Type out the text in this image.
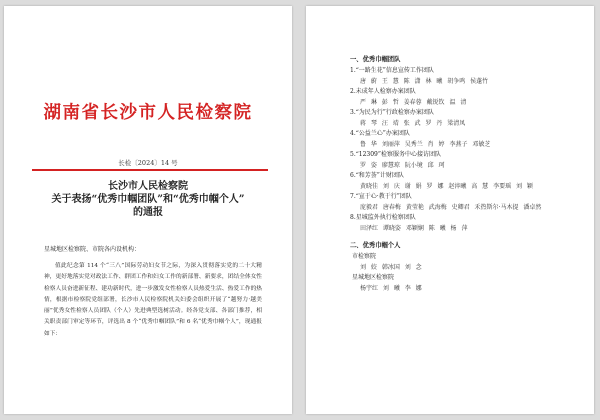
湖南省长沙市人民检察院
长检〔2024〕14 号
长沙市人民检察院
关于表扬“优秀巾帼团队”和“优秀巾帼个人”
的通报
星城地区检察院、市院各内设机构：

值此纪念第 114 个“三八”国际劳动妇女节之际，为深入贯彻落实党的二十大精神，更好地落实党对政法工作、群团工作和妇女工作的新部署、新要求，团结全体女性检察人员奋进新征程、建功新时代，进一步激发女性检察人员热爱生活、热爱工作的热情，根据市检察院党组部署，长沙市人民检察院机关妇委会组织开展了“越努力·越美丽”优秀女性检察人员团队（个人）先进典型选树活动。经各党支部、各部门推荐，相关职责部门审定等环节，评选出 8 个“优秀巾帼团队”和 6 名“优秀巾帼个人”，现通报如下：

一、优秀巾帼团队
1.“一路生花”信息宣传工作团队
唐 蔚 王 慧 陈 潇 林 曦 胡争鸣 侯蓬竹
2.未成年人检察办案团队
严 琳 彭 哲 姜春蓉 戴锐钦 温 清
3.“为民为行”行政检察办案团队
蒋 琴 汪 靖 张 武 罗 丹 梁清凤
4.“公益兰心”办案团队
鲁 华 刘丽萍 吴秀兰 肖 婷 李燕子 邓敏芝
5.“12309”检察服务中心接访团队
罗 姿 廖慧琼 阮小境 邱 珂
6.“和芳荟”计财团队
黄晓佳 刘 庆 谢 娟 罗 娜 赵淬曦 高 慧 李要瑶 刘 颖
7.“宣于心·教于行”团队
庞毅君 唐春梅 黄莹艳 武海梅 史卿君 禾热斯尔·马木提 潘卓然
8.星城监外执行检察团队
田泽红 谭晓姿 邓颖娴 陈 曦 杨 萍
二、优秀巾帼个人
市检察院
刘 姣 韩冰国 刘 念
星城地区检察院
杨宇红 刘 曦 李 娜
